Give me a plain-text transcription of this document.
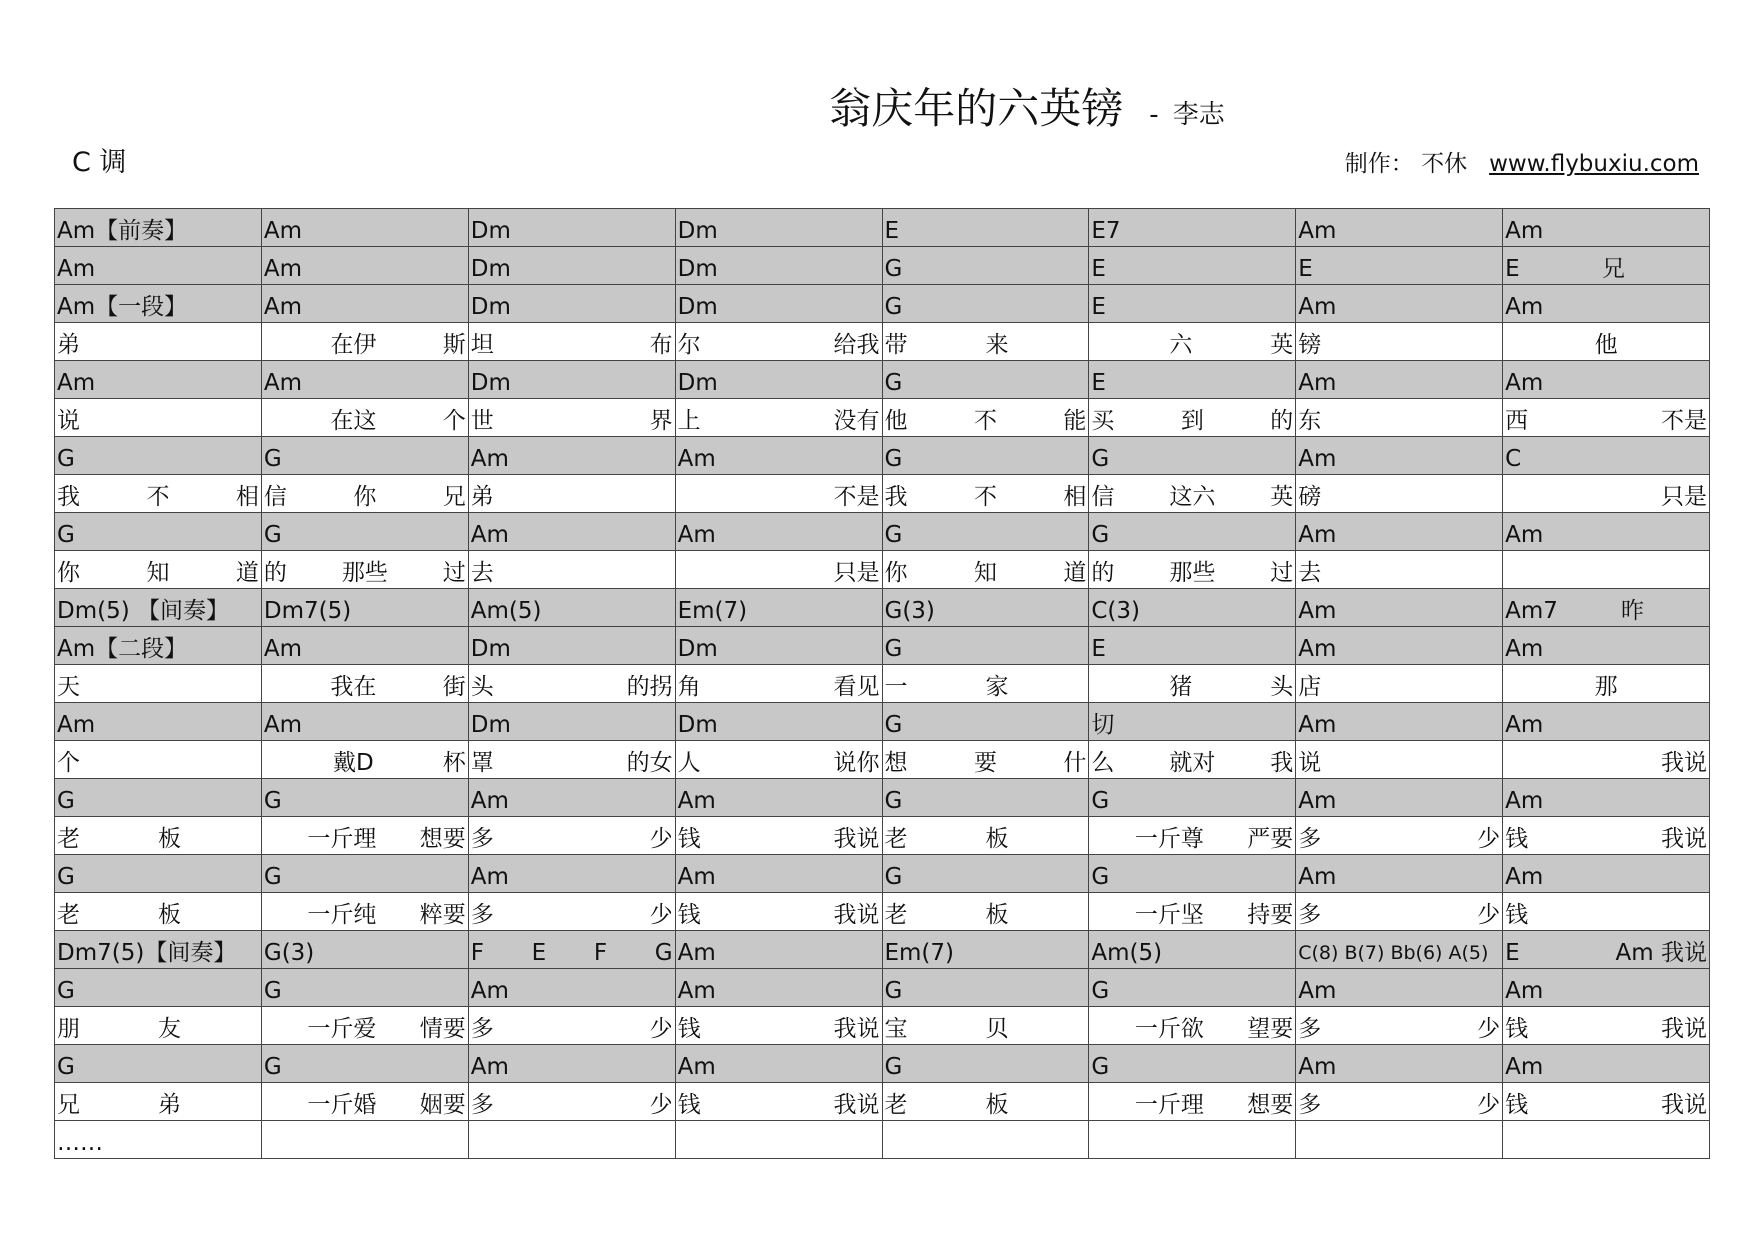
翁庆年的六英镑 - 李志
C 调	制作： 不休 www.flybuxiu.com
Am【前奏】	Am	Dm	Dm	E	E7	Am	Am

Am	Am	Dm	Dm	G	E	E	E 兄

Am【一段】	Am	Dm	Dm	G	E	Am	Am

弟	在伊 斯	坦 布	尔 给我	带 来	六 英	镑	他

Am	Am	Dm	Dm	G	E	Am	Am

说	在这 个	世 界	上 没有	他 不 能	买 到 的	东	西 不是

G	G	Am	Am	G	G	Am	C

我 不 相	信 你 兄	弟	不是	我 不 相	信 这六 英	磅	只是

G	G	Am	Am	G	G	Am	Am

你 知 道	的 那些 过	去	只是	你 知 道	的 那些 过	去	

Dm(5) 【间奏】	Dm7(5)	Am(5)	Em(7)	G(3)	C(3)	Am	Am7 昨

Am【二段】	Am	Dm	Dm	G	E	Am	Am

天	我在 街	头 的拐	角 看见	一 家	猪 头	店	那

Am	Am	Dm	Dm	G	切	Am	Am

个	戴D 杯	罩 的女	人 说你	想 要 什	么 就对 我	说	我说

G	G	Am	Am	G	G	Am	Am

老 板	一斤理 想要	多 少	钱 我说	老 板	一斤尊 严要	多 少	钱 我说

G	G	Am	Am	G	G	Am	Am

老 板	一斤纯 粹要	多 少	钱 我说	老 板	一斤坚 持要	多 少	钱

Dm7(5)【间奏】	G(3)	F E F G	Am	Em(7)	Am(5)	C(8) B(7) Bb(6) A(5)	E Am 我说

G	G	Am	Am	G	G	Am	Am

朋 友	一斤爱 情要	多 少	钱 我说	宝 贝	一斤欲 望要	多 少	钱 我说

G	G	Am	Am	G	G	Am	Am

兄 弟	一斤婚 姻要	多 少	钱 我说	老 板	一斤理 想要	多 少	钱 我说

……							
